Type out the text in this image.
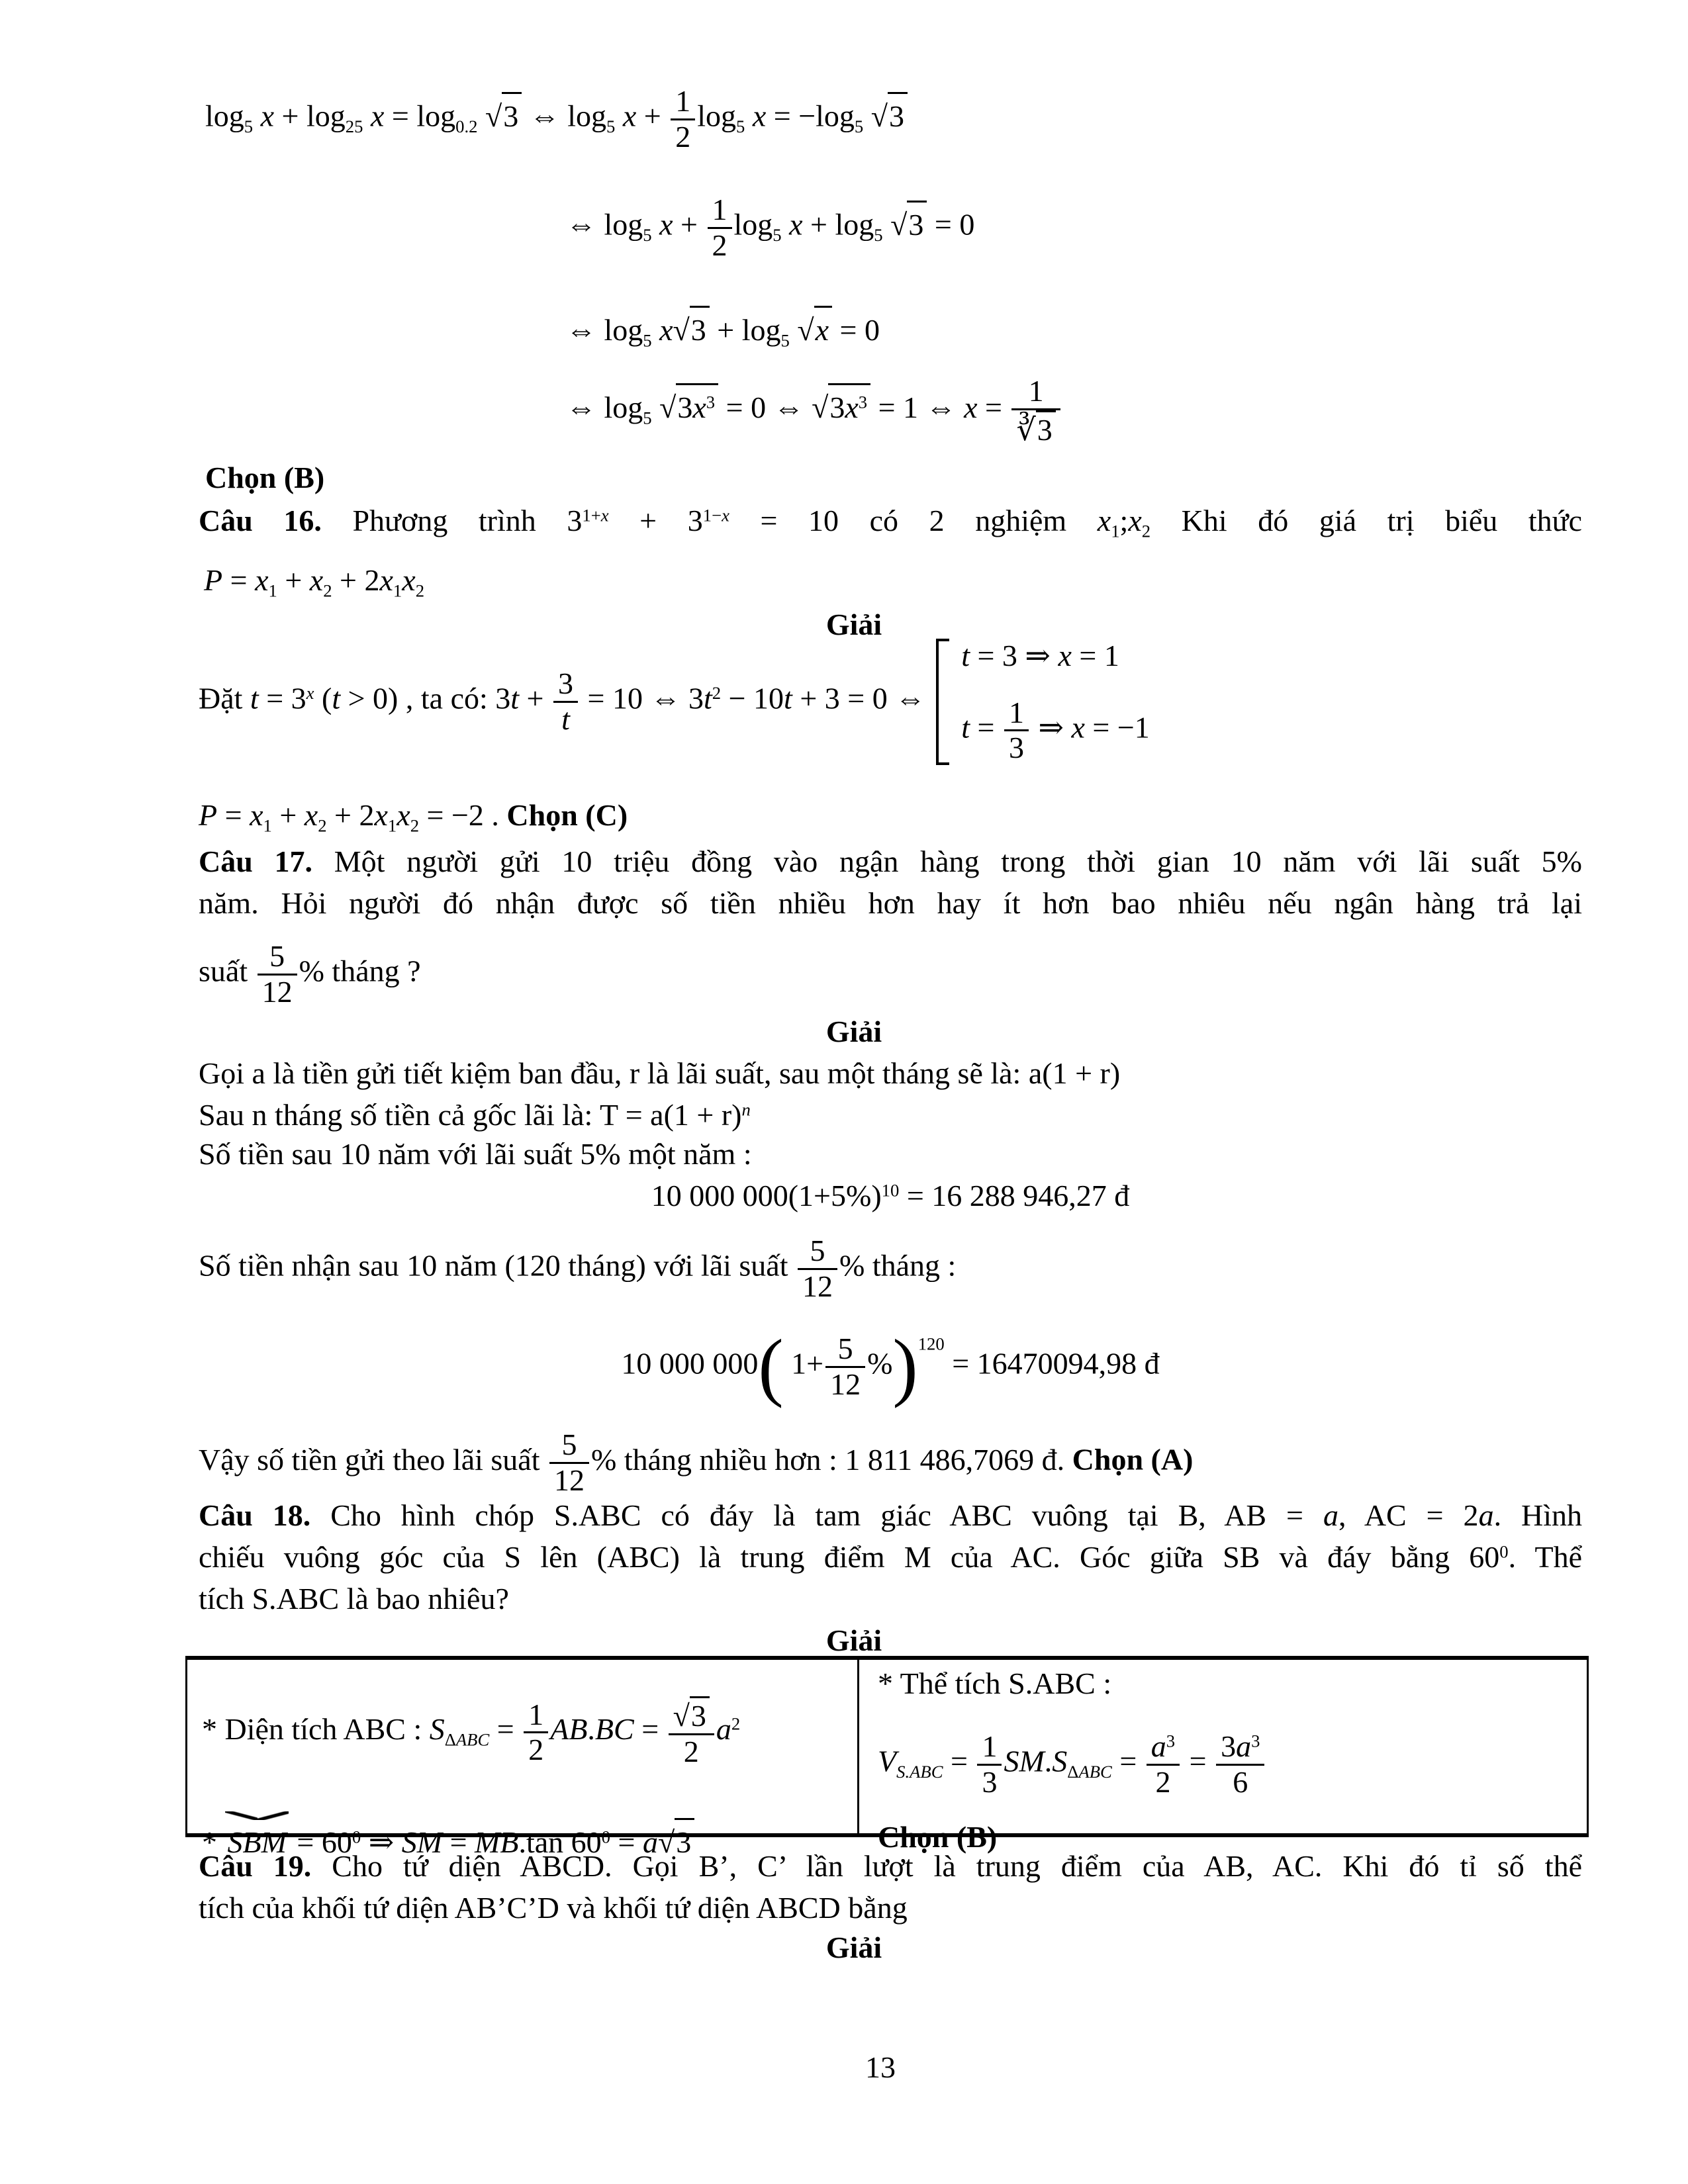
$\log_5 x + \log_{25} x = \log_{0.2} √3$ ⇔ $\log_5 x + \frac{1}{2} \log_5 x = -\log_5$ √3
⇔ $\log_5 x + \frac{1}{2} \log_5 x + \log_5 √3 = 0$
⇔ $\log_5 x√3 + \log_5 √x = 0$
⇔ $\log_5 √3x^3 = 0$ ⇔ $√3x^3 = 1$ ⇔ $x = \frac{1}{∛3}$
Chọn (B)
Câu 16. Phương trình $3^{1+x} + 3^{1-x} = 10$ có 2 nghiệm $x_1;x_2$ Khi đó giá trị biểu thức
$P = x_1 + x_2 + 2x_1x_2$
Giải
Đặt $t = 3^x$ (t > 0) , ta có: $3t + \frac{3}{t} = 10$ ⇔ $3t^2 - 10t + 3 = 0$ ⇔
t = 3 ⇒ x = 1
$t = \frac{1}{3}$ ⇒ x = −1
$P = x_1 + x_2 + 2x_1x_2 = -2$ . Chọn (C)
Câu 17. Một người gửi 10 triệu đồng vào ngận hàng trong thời gian 10 năm với lãi suất 5%
năm. Hỏi người đó nhận được số tiền nhiều hơn hay ít hơn bao nhiêu nếu ngân hàng trả lại
suất $\frac{5}{12}$ % tháng ?
Giải
Gọi a là tiền gửi tiết kiệm ban đầu, r là lãi suất, sau một tháng sẽ là: a(1 + r)
Sau n tháng số tiền cả gốc lãi là: $T = a(1 + r)^n$
Số tiền sau 10 năm với lãi suất 5% một năm :
10 000 $000(1+5\%)^{10} = 16$ 288 946,27 đ
Số tiền nhận sau 10 năm (120 tháng) với lãi suất $\frac{5}{12}$ % tháng :
10 000 000( $1+ \frac{5}{12} \%)^{120} = 16470094,98$ đ
Vậy số tiền gửi theo lãi suất $\frac{5}{12}$ % tháng nhiều hơn : 1 811 486,7069 đ. Chọn (A)
Câu 18. Cho hình chóp S.ABC có đáy là tam giác ABC vuông tại B, AB = a, AC = 2a. Hình
chiếu vuông góc của S lên (ABC) là trung điểm M của AC. Góc giữa SB và đáy bằng $60^0$. Thể
tích S.ABC là bao nhiêu?
Giải
* Diện tích ABC : $S_{\Delta ABC} = \frac{1}{2} AB.BC = \frac{√3}{2} a^2$
* SBM = $60^0$ ⇒ SM = MB.tan $60^0 = a√3$
* Thể tích S.ABC :
$V_{S.ABC} = \frac{1}{3} SM.S_{\Delta ABC} = \frac{a^3}{2} = \frac{3a^3}{6}$
Chọn (B)
Câu 19. Cho tứ diện ABCD. Gọi B’, C’ lần lượt là trung điểm của AB, AC. Khi đó tỉ số thể
tích của khối tứ diện AB’C’D và khối tứ diện ABCD bằng
Giải
13
